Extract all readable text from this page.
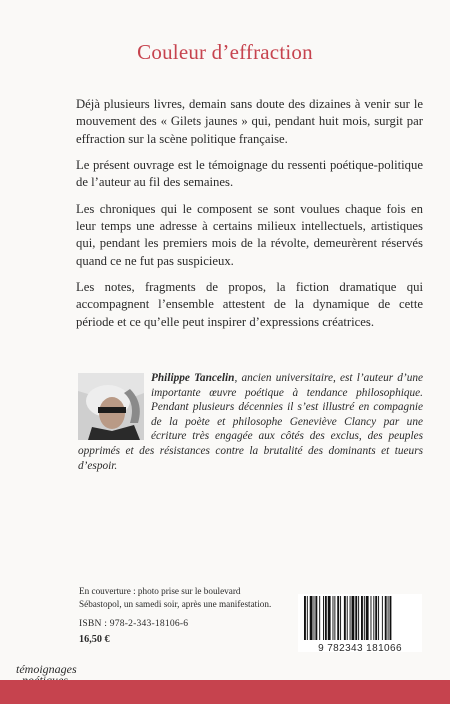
Couleur d’effraction

Déjà plusieurs livres, demain sans doute des dizaines à venir sur le mouvement des « Gilets jaunes » qui, pendant huit mois, surgit par effraction sur la scène politique française.

Le présent ouvrage est le témoignage du ressenti poétique-politique de l’auteur au fil des semaines.

Les chroniques qui le composent se sont voulues chaque fois en leur temps une adresse à certains milieux intellectuels, artistiques qui, pendant les premiers mois de la révolte, demeurèrent réservés quand ce ne fut pas suspicieux.

Les notes, fragments de propos, la fiction dramatique qui accompagnent l’ensemble attestent de la dynamique de cette période et ce qu’elle peut inspirer d’expressions créatrices.

Philippe Tancelin, ancien universitaire, est l’auteur d’une importante œuvre poétique à tendance philosophique. Pendant plusieurs décennies il s’est illustré en compagnie de la poète et philosophe Geneviève Clancy par une écriture très engagée aux côtés des exclus, des peuples opprimés et des résistances contre la brutalité des dominants et tueurs d’espoir.
En couverture : photo prise sur le boulevard Sébastopol, un samedi soir, après une manifestation.
ISBN : 978-2-343-18106-6
16,50 €
9 782343 181066
témoignages
